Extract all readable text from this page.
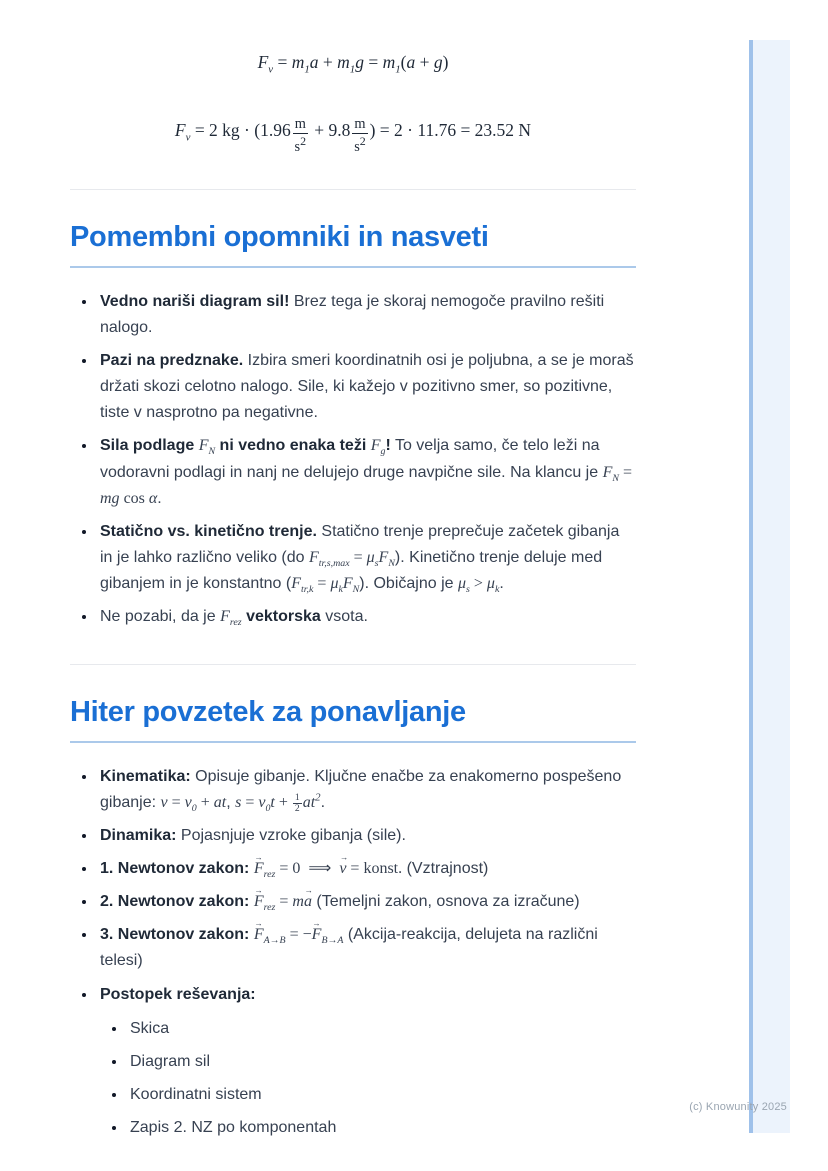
$F_v = m_1a + m_1g = m_1(a + g)$
$F_v = 2$ kg · ($1.96 \frac{m}{s^2} + 9.8 \frac{m}{s^2}$ ) = 2 · 11.76 = 23.52 N
Pomembni opomniki in nasveti
• Vedno nariši diagram sil! Brez tega je skoraj nemogoče pravilno rešiti nalogo.
• Pazi na predznake. Izbira smeri koordinatnih osi je poljubna, a se je moraš držati skozi celotno nalogo. Sile, ki kažejo v pozitivno smer, so pozitivne, tiste v nasprotno pa negativne.
• Sila podlage $F_N$ ni vedno enaka teži $F_g$! To velja samo, če telo leži na vodoravni podlagi in nanj ne delujejo druge navpične sile. Na klancu je $F_N$ = mg cos α.
• Statično vs. kinetično trenje. Statično trenje preprečuje začetek gibanja in je lahko različno veliko (do $F_{tr,s,max} = \mu_sF_N$). Kinetično trenje deluje med gibanjem in je konstantno $(F_{tr,k} = \mu_kF_N)$. Običajno je $\mu_s > \mu_k$.
• Ne pozabi, da je $F_{rez}$ vektorska vsota.
Hiter povzetek za ponavljanje
• Kinematika: Opisuje gibanje. Ključne enačbe za enakomerno pospešeno gibanje: $v = v_0$ + at, $s = v_0t + \frac{1}{2} at^2$.
• Dinamika: Pojasnjuje vzroke gibanja (sile).
• 1. Newtonov zakon: $F \to_{rez} = 0$  ⟹  v → = konst. (Vztrajnost)
• 2. Newtonov zakon: $F \to_{rez}$ = ma → (Temeljni zakon, osnova za izračune)
• 3. Newtonov zakon: $F \to_{A\to B} = -F \to_{B\to A}$ (Akcija-reakcija, delujeta na različni telesi)
• Postopek reševanja:
• Skica
• Diagram sil
• Koordinatni sistem
• Zapis 2. NZ po komponentah
(c) Knowunity 2025
